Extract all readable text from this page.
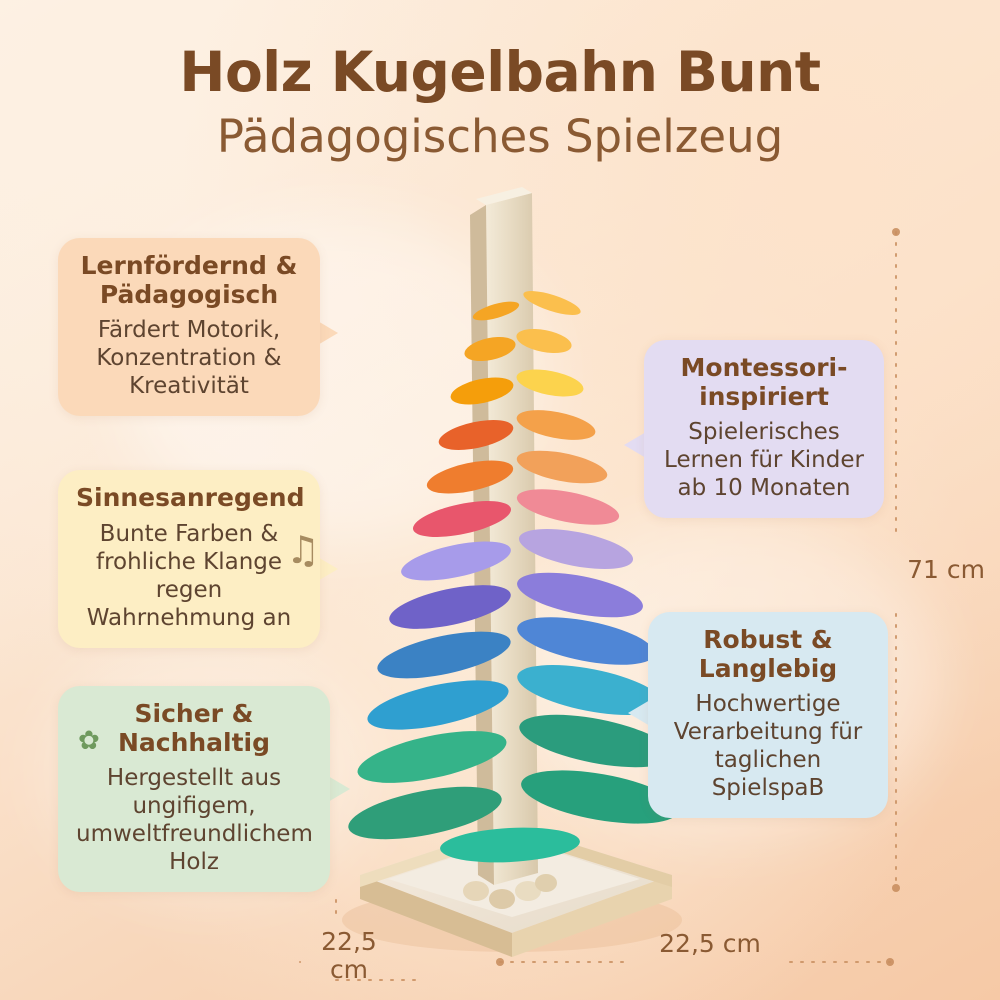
Holz Kugelbahn Bunt
Pädagogisches Spielzeug
Lernfördernd & Pädagogisch
Färdert Motorik, Konzentration & Kreativität
Sinnesanregend
Bunte Farben & frohliche Klange regen Wahrnehmung an
♫
Sicher & Nachhaltig
Hergestellt aus ungifigem, umweltfreundlichem Holz
✿
Montessori-inspiriert
Spielerisches Lernen für Kinder ab 10 Monaten
Robust & Langlebig
Hochwertige Verarbeitung für taglichen SpielspaB
71 cm
22,5 cm
22,5 cm
